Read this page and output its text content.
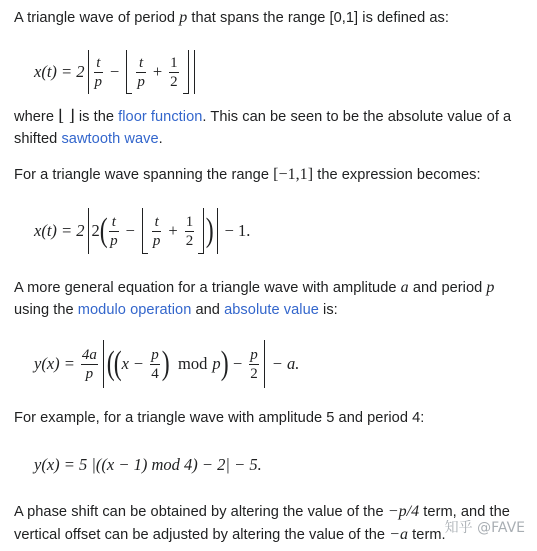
A triangle wave of period p that spans the range [0,1] is defined as:
$x(t) = 2 \frac{t}{p} - \frac{t}{p} + \frac{1}{2}$
where ⌊ ⌋ is the floor function. This can be seen to be the absolute value of a shifted sawtooth wave.
For a triangle wave spanning the range [−1,1] the expression becomes:
x(t) = 2 2 ( $\frac{t}{p} - \frac{t}{p} + \frac{1}{2}$ ) − 1.
A more general equation for a triangle wave with amplitude a and period p using the modulo operation and absolute value is:
$y(x) = \frac{4a}{p}$ ( ( $x - \frac{p}{4}$ ) mod p ) − $\frac{p}{2} - a$.
For example, for a triangle wave with amplitude 5 and period 4:
y(x) = 5 |((x − 1) mod 4) − 2| − 5.
A phase shift can be obtained by altering the value of the −p/4 term, and the vertical offset can be adjusted by altering the value of the −a term. 知乎 @FAVE
